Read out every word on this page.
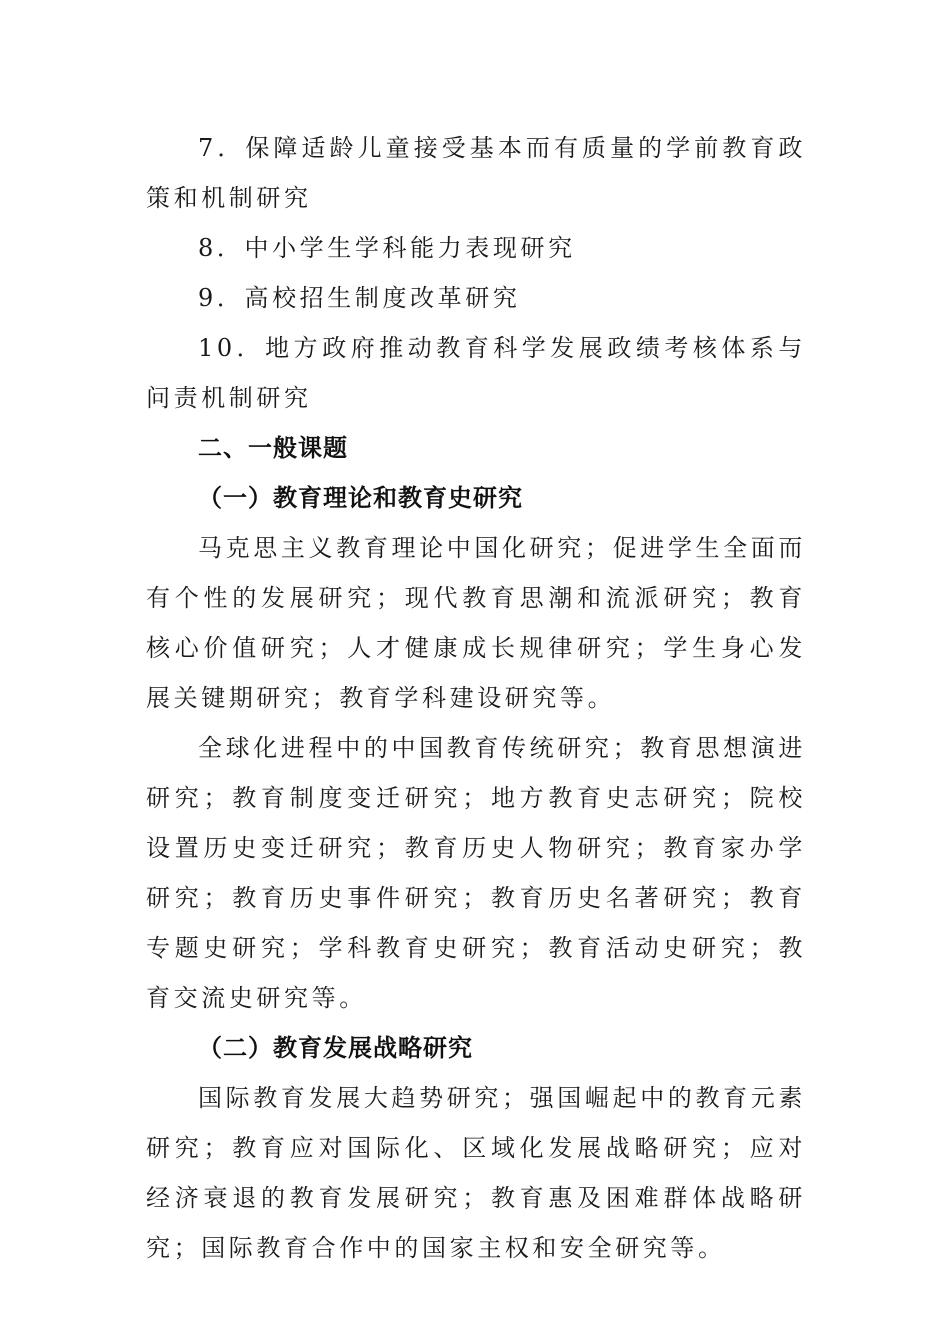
7．保障适龄儿童接受基本而有质量的学前教育政策和机制研究

8．中小学生学科能力表现研究

9．高校招生制度改革研究

10．地方政府推动教育科学发展政绩考核体系与问责机制研究

二、一般课题

（一）教育理论和教育史研究

马克思主义教育理论中国化研究；促进学生全面而有个性的发展研究；现代教育思潮和流派研究；教育核心价值研究；人才健康成长规律研究；学生身心发展关键期研究；教育学科建设研究等。

全球化进程中的中国教育传统研究；教育思想演进研究；教育制度变迁研究；地方教育史志研究；院校设置历史变迁研究；教育历史人物研究；教育家办学研究；教育历史事件研究；教育历史名著研究；教育专题史研究；学科教育史研究；教育活动史研究；教育交流史研究等。

（二）教育发展战略研究

国际教育发展大趋势研究；强国崛起中的教育元素研究；教育应对国际化、区域化发展战略研究；应对经济衰退的教育发展研究；教育惠及困难群体战略研究；国际教育合作中的国家主权和安全研究等。
